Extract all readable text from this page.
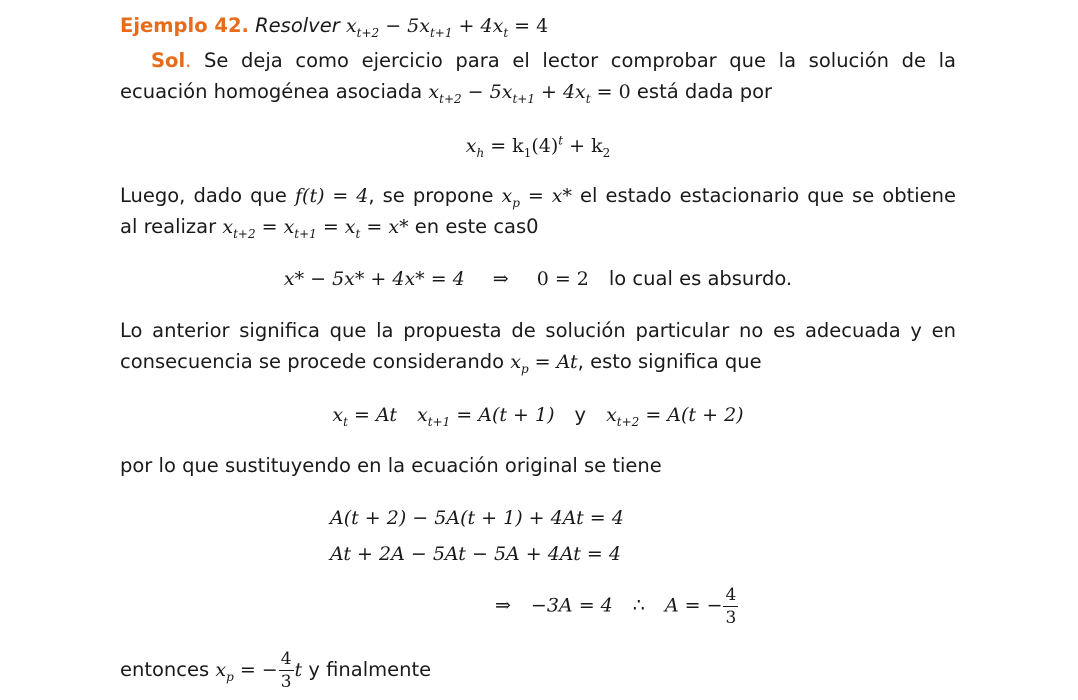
Ejemplo 42. Resolver $x_{t+2} - 5x_{t+1} + 4x_t = 4$
Sol. Se deja como ejercicio para el lector comprobar que la solución de la
ecuación homogénea asociada $x_{t+2} - 5x_{t+1} + 4x_t = 0$ está dada por
$x_h = k_1(4)^t + k_2$
Luego, dado que f(t) = 4, se propone $x_p = x*$ el estado estacionario que se obtiene
al realizar $x_{t+2} = x_{t+1} = x_t = x*$ en este cas0
x* − 5x* + 4x* = 4 ⇒ 0 = 2 lo cual es absurdo.
Lo anterior significa que la propuesta de solución particular no es adecuada y en
consecuencia se procede considerando $x_p = At$, esto significa que
$x_t = At$ $x_{t+1} = A(t + 1)$ y $x_{t+2} = A(t + 2)$
por lo que sustituyendo en la ecuación original se tiene
A(t + 2) − 5A(t + 1) + 4At = 4
At + 2A − 5At − 5A + 4At = 4
⇒ −3A = 4 ∴ A = − $\frac{4}{3}$
entonces $x_p$ = − $\frac{4}{3}$ t y finalmente
